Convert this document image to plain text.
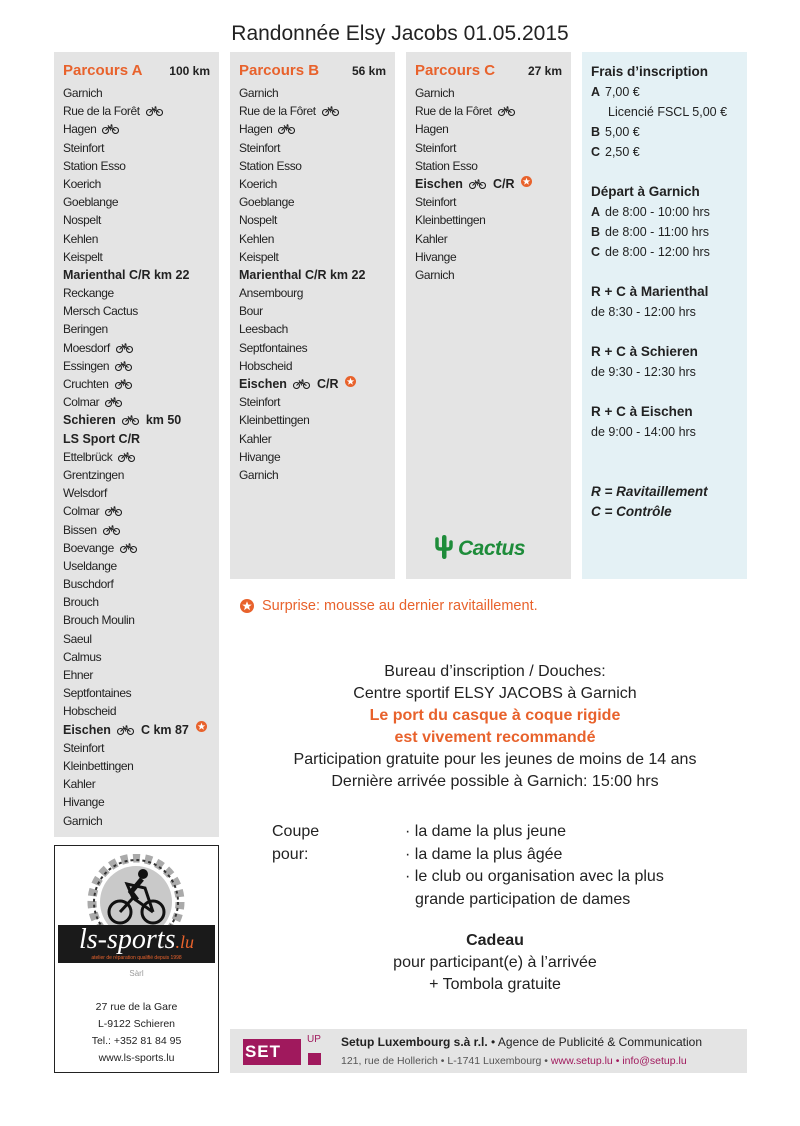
Randonnée Elsy Jacobs 01.05.2015
Parcours A 100 km
Garnich
Rue de la Forêt
Hagen
Steinfort
Station Esso
Koerich
Goeblange
Nospelt
Kehlen
Keispelt
Marienthal C/R km 22
Reckange
Mersch Cactus
Beringen
Moesdorf
Essingen
Cruchten
Colmar
Schieren km 50
LS Sport C/R
Ettelbrück
Grentzingen
Welsdorf
Colmar
Bissen
Boevange
Useldange
Buschdorf
Brouch
Brouch Moulin
Saeul
Calmus
Ehner
Septfontaines
Hobscheid
Eischen C km 87
Steinfort
Kleinbettingen
Kahler
Hivange
Garnich
Parcours B	56 km
Garnich
Rue de la Fôret
Hagen
Steinfort
Station Esso
Koerich
Goeblange
Nospelt
Kehlen
Keispelt
Marienthal C/R km 22
Ansembourg
Bour
Leesbach
Septfontaines
Hobscheid
Eischen C/R
Steinfort
Kleinbettingen
Kahler
Hivange
Garnich
Parcours C	27 km
Garnich
Rue de la Fôret
Hagen
Steinfort
Station Esso
Eischen C/R
Steinfort
Kleinbettingen
Kahler
Hivange
Garnich
Frais d’inscription
A 7,00 €
Licencié FSCL 5,00 €
B 5,00 €
C 2,50 €
Départ à Garnich
A de 8:00 - 10:00 hrs
B de 8:00 - 11:00 hrs
C de 8:00 - 12:00 hrs
R + C à Marienthal
de 8:30 - 12:00 hrs
R + C à Schieren
de 9:30 - 12:30 hrs
R + C à Eischen
de 9:00 - 14:00 hrs
R = Ravitaillement
C = Contrôle
Cactus
Surprise: mousse au dernier ravitaillement.
Bureau d’inscription / Douches:
Centre sportif ELSY JACOBS à Garnich
Le port du casque à coque rigide
est vivement recommandé
Participation gratuite pour les jeunes de moins de 14 ans
Dernière arrivée possible à Garnich: 15:00 hrs
Coupe pour:
· la dame la plus jeune
· la dame la plus âgée
· le club ou organisation avec la plus
grande participation de dames
Cadeau
pour participant(e) à l’arrivée
+ Tombola gratuite
ls-sports.lu
atelier de réparation qualifié depuis 1998
Sàrl
27 rue de la Gare
L-9122 Schieren
Tel.: +352 81 84 95
www.ls-sports.lu	SET
UP Setup Luxembourg s.à r.l. • Agence de Publicité & Communication
121, rue de Hollerich • L-1741 Luxembourg • www.setup.lu • info@setup.lu
